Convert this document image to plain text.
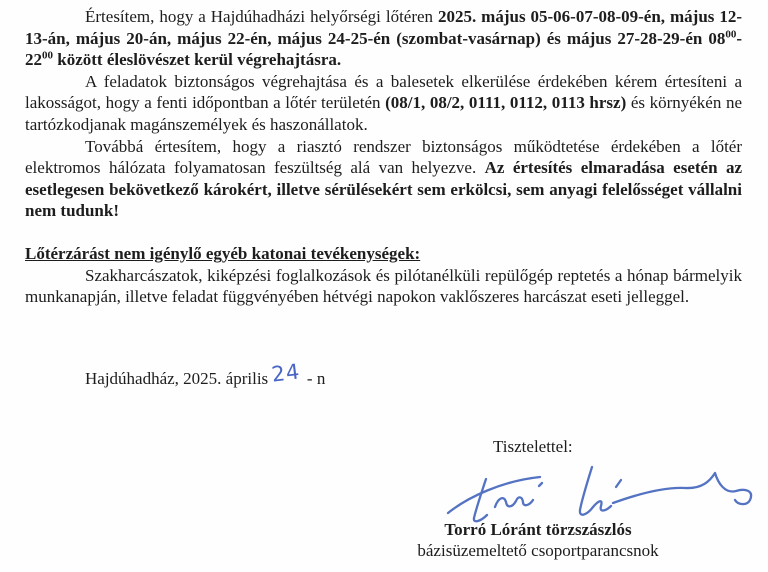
Értesítem, hogy a Hajdúhadházi helyőrségi lőtéren 2025. május 05-06-07-08-09-én, május 12-13-án, május 20-án, május 22-én, május 24-25-én (szombat-vasárnap) és május 27-28-29-én $08^{00}-22^{00}$ között éleslövészet kerül végrehajtásra.

A feladatok biztonságos végrehajtása és a balesetek elkerülése érdekében kérem értesíteni a lakosságot, hogy a fenti időpontban a lőtér területén (08/1, 08/2, 0111, 0112, 0113 hrsz) és környékén ne tartózkodjanak magánszemélyek és haszonállatok.

Továbbá értesítem, hogy a riasztó rendszer biztonságos működtetése érdekében a lőtér elektromos hálózata folyamatosan feszültség alá van helyezve. Az értesítés elmaradása esetén az esetlegesen bekövetkező károkért, illetve sérülésekért sem erkölcsi, sem anyagi felelősséget vállalni nem tudunk!

Lőtérzárást nem igénylő egyéb katonai tevékenységek:

Szakharcászatok, kiképzési foglalkozások és pilótanélküli repülőgép reptetés a hónap bármelyik munkanapján, illetve feladat függvényében hétvégi napokon vaklőszeres harcászat eseti jelleggel.

Hajdúhadház, 2025. április 24 - n
Tisztelettel:
Torró Lóránt törzszászlós
bázisüzemeltető csoportparancsnok
